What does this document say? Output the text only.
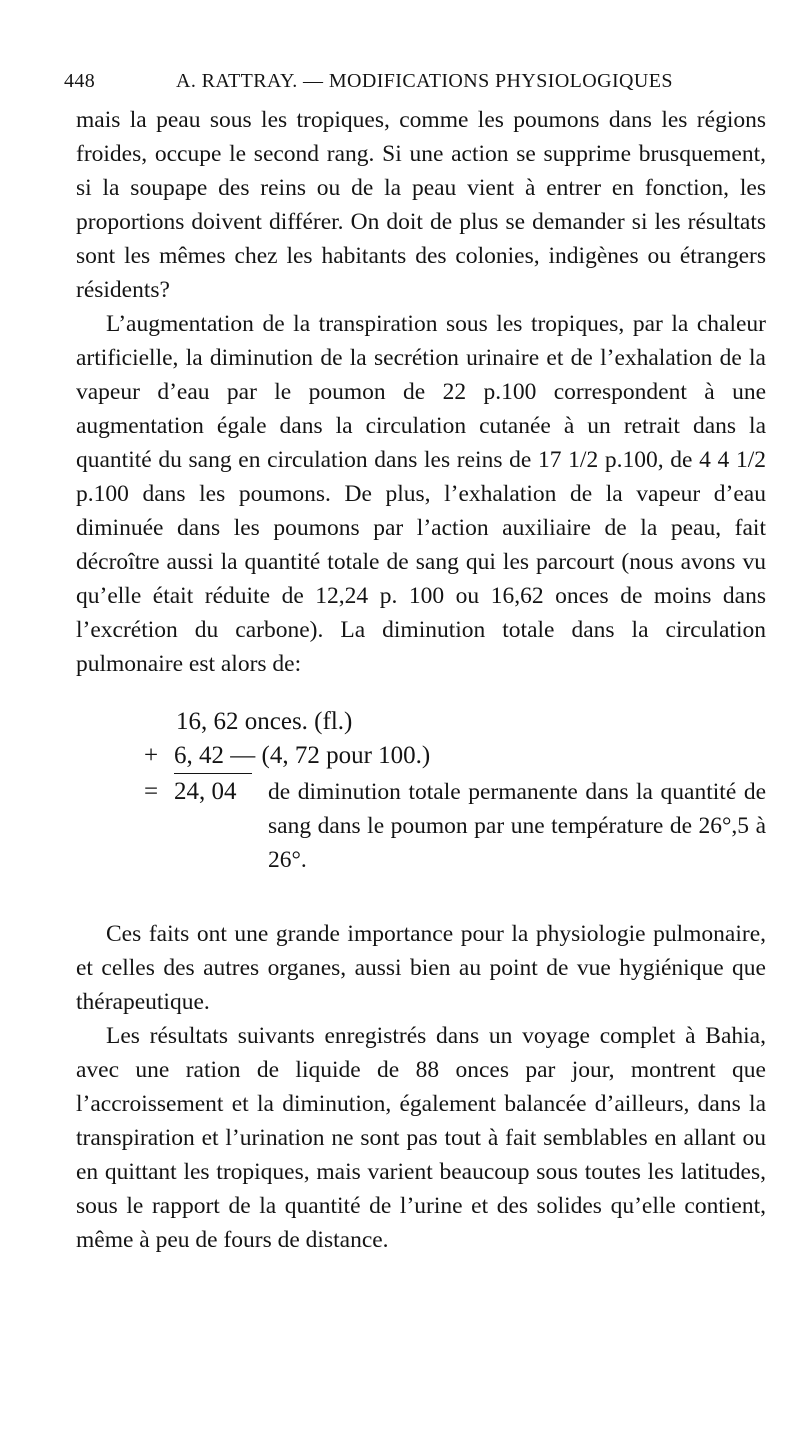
448	A. RATTRAY. — MODIFICATIONS PHYSIOLOGIQUES

mais la peau sous les tropiques, comme les poumons dans les régions froides, occupe le second rang. Si une action se supprime brusquement, si la soupape des reins ou de la peau vient à entrer en fonction, les proportions doivent différer. On doit de plus se demander si les résultats sont les mêmes chez les habitants des colonies, indigènes ou étrangers résidents?

L’augmentation de la transpiration sous les tropiques, par la chaleur artificielle, la diminution de la secrétion urinaire et de l’exhalation de la vapeur d’eau par le poumon de 22 p.100 correspondent à une augmentation égale dans la circulation cutanée à un retrait dans la quantité du sang en circulation dans les reins de 17 1/2 p.100, de 4 4 1/2 p.100 dans les poumons. De plus, l’exhalation de la vapeur d’eau diminuée dans les poumons par l’action auxiliaire de la peau, fait décroître aussi la quantité totale de sang qui les parcourt (nous avons vu qu’elle était réduite de 12,24 p. 100 ou 16,62 onces de moins dans l’excrétion du carbone). La diminution totale dans la circulation pulmonaire est alors de:

16, 62 onces. (fl.)
+ 6, 42 — (4, 72 pour 100.)
= 24, 04 de diminution totale permanente dans la quantité de sang dans le poumon par une température de 26°,5 à 26°.

Ces faits ont une grande importance pour la physiologie pulmonaire, et celles des autres organes, aussi bien au point de vue hygiénique que thérapeutique.

Les résultats suivants enregistrés dans un voyage complet à Bahia, avec une ration de liquide de 88 onces par jour, montrent que l’accroissement et la diminution, également balancée d’ailleurs, dans la transpiration et l’urination ne sont pas tout à fait semblables en allant ou en quittant les tropiques, mais varient beaucoup sous toutes les latitudes, sous le rapport de la quantité de l’urine et des solides qu’elle contient, même à peu de fours de distance.
